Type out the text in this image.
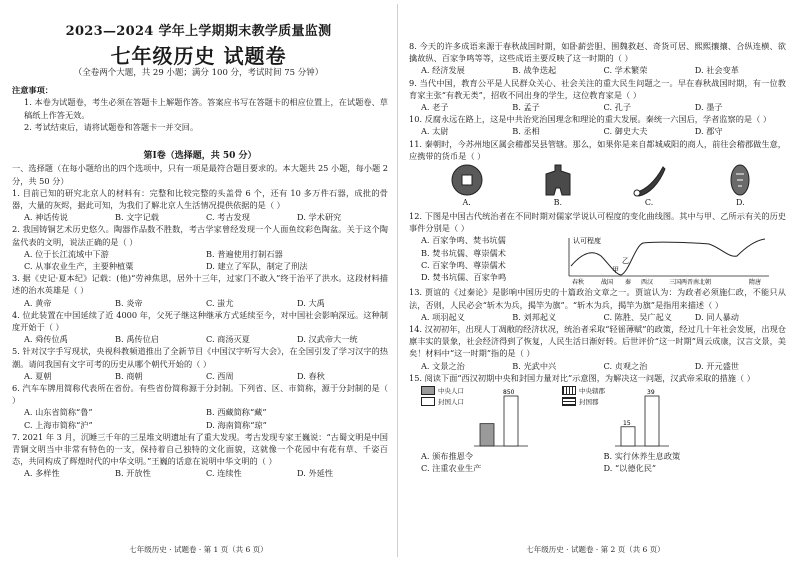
2023—2024 学年上学期期末教学质量监测
七年级历史 试题卷
（全卷两个大题，共 29 小题；满分 100 分，考试时间 75 分钟）
注意事项：
1. 本卷为试题卷，考生必须在答题卡上解题作答。答案应书写在答题卡的相应位置上，在试题卷、草稿纸上作答无效。
2. 考试结束后，请将试题卷和答题卡一并交回。
第Ⅰ卷（选择题，共 50 分）
一、选择题（在每小题给出的四个选项中，只有一项是最符合题目要求的。本大题共 25 小题，每小题 2 分，共 50 分）
1. 目前已知的研究北京人的材料有：完整和比较完整的头盖骨 6 个，还有 10 多万件石器，成批的骨器，大量的灰烬，据此可知，为我们了解北京人生活情况提供依据的是（ ）
A. 神话传说	B. 文字记载	C. 考古发现	D. 学术研究
2. 我国铸铜艺术历史悠久。陶器作品数不胜数，考古学家曾经发现一个人面鱼纹彩色陶盆。关于这个陶盆代表的文明，说法正确的是（ ）
A. 位于长江流域中下游	B. 普遍使用打制石器
C. 从事农业生产，主要种植粟	D. 建立了军队，制定了刑法
3. 据《史记·夏本纪》记载：(他)“劳神焦思，居外十三年，过家门不敢入”终于治平了洪水。这段材料描述的治水英雄是（ ）
A. 黄帝	B. 炎帝	C. 蚩尤	D. 大禹
4. 位此装置在中国延续了近 4000 年，父死子继这种继承方式延续至今，对中国社会影响深远。这种制度开始于（ ）
A. 舜传位禹	B. 禹传位启	C. 商汤灭夏	D. 汉武帝大一统
5. 针对汉字手写现状，央视科教频道推出了全新节目《中国汉字听写大会》，在全国引发了学习汉字的热潮。请问我国有文字可考的历史从哪个朝代开始的（ ）
A. 夏朝	B. 商朝	C. 西周	D. 春秋
6. 汽车车牌用简称代表所在省份。有些省份简称源于分封制。下列省、区、市简称，源于分封制的是（ ）
A. 山东省简称“鲁”	B. 西藏简称“藏”
C. 上海市简称“沪”	D. 海南简称“琼”
7. 2021 年 3 月，沉睡三千年的三星堆文明遗址有了重大发现。考古发现专家王巍说：“古蜀文明是中国青铜文明当中非常有特色的一支，保持着自己独特的文化面貌，这就像一个花园中有花有草、千姿百态，共同构成了辉煌时代的中华文明。”王巍的话意在说明中华文明的（ ）
A. 多样性	B. 开放性	C. 连续性	D. 外延性
七年级历史 · 试题卷 · 第 1 页（共 6 页）
8. 今天的许多成语来源于春秋战国时期，如卧薪尝胆、围魏救赵、奇货可居、熙熙攘攘、合纵连横、欲擒故纵、百家争鸣等等，这些成语主要反映了这一时期的（ ）
A. 经济发展	B. 战争迭起	C. 学术繁荣	D. 社会变革
9. 当代中国，教育公平是人民群众关心、社会关注的重大民生问题之一。早在春秋战国时期，有一位教育家主张“有教无类”，招收不同出身的学生，这位教育家是（ ）
A. 老子	B. 孟子	C. 孔子	D. 墨子
10. 反腐永远在路上，这是中共治党治国理念和理论的重大发展。秦统一六国后，学者监察的是（ ）
A. 太尉	B. 丞相	C. 御史大夫	D. 郡守
11. 秦朝时，今苏州地区属会稽郡吴县管辖。那么，如果你是来自都城咸阳的商人，前往会稽郡做生意，应携带的货币是（ ）
A.	B.	C.	D.
12. 下图是中国古代统治者在不同时期对儒家学说认可程度的变化曲线图。其中与甲、乙所示有关的历史事件分别是（ ）
A. 百家争鸣、焚书坑儒
B. 焚书坑儒、尊崇儒术
C. 百家争鸣、尊崇儒术
D. 焚书坑儒、百家争鸣
认可程度
甲
乙
春秋	战国 秦 西汉	三国两晋南北朝	隋唐
13. 贾谊的《过秦论》是影响中国历史的十篇政治文章之一。贾谊认为：为政者必须施仁政，不能只从法，否则，人民必会“斩木为兵，揭竿为旗”。“斩木为兵，揭竿为旗”是指用来描述（ ）
A. 项羽起义	B. 刘邦起义	C. 陈胜、吴广起义	D. 同人暴动
14. 汉初初年，出现人丁凋敝的经济状况，统治者采取“轻徭薄赋”的政策，经过几十年社会发展，出现仓廪丰实的景象，社会经济得到了恢复，人民生活日渐好转。后世评价“这一时期”周云成康，汉言文景，美矣！材料中“这一时期”指的是（ ）
A. 文景之治	B. 光武中兴	C. 贞观之治	D. 开元盛世
15. 阅读下面“西汉初期中央和封国力量对比”示意图，为解决这一问题，汉武帝采取的措施（ ）
中央人口
封国人口
850	中央辖郡
封国郡
15
39
A. 颁布推恩令	B. 实行休养生息政策
C. 注重农业生产	D. “以德化民”
七年级历史 · 试题卷 · 第 2 页（共 6 页）
